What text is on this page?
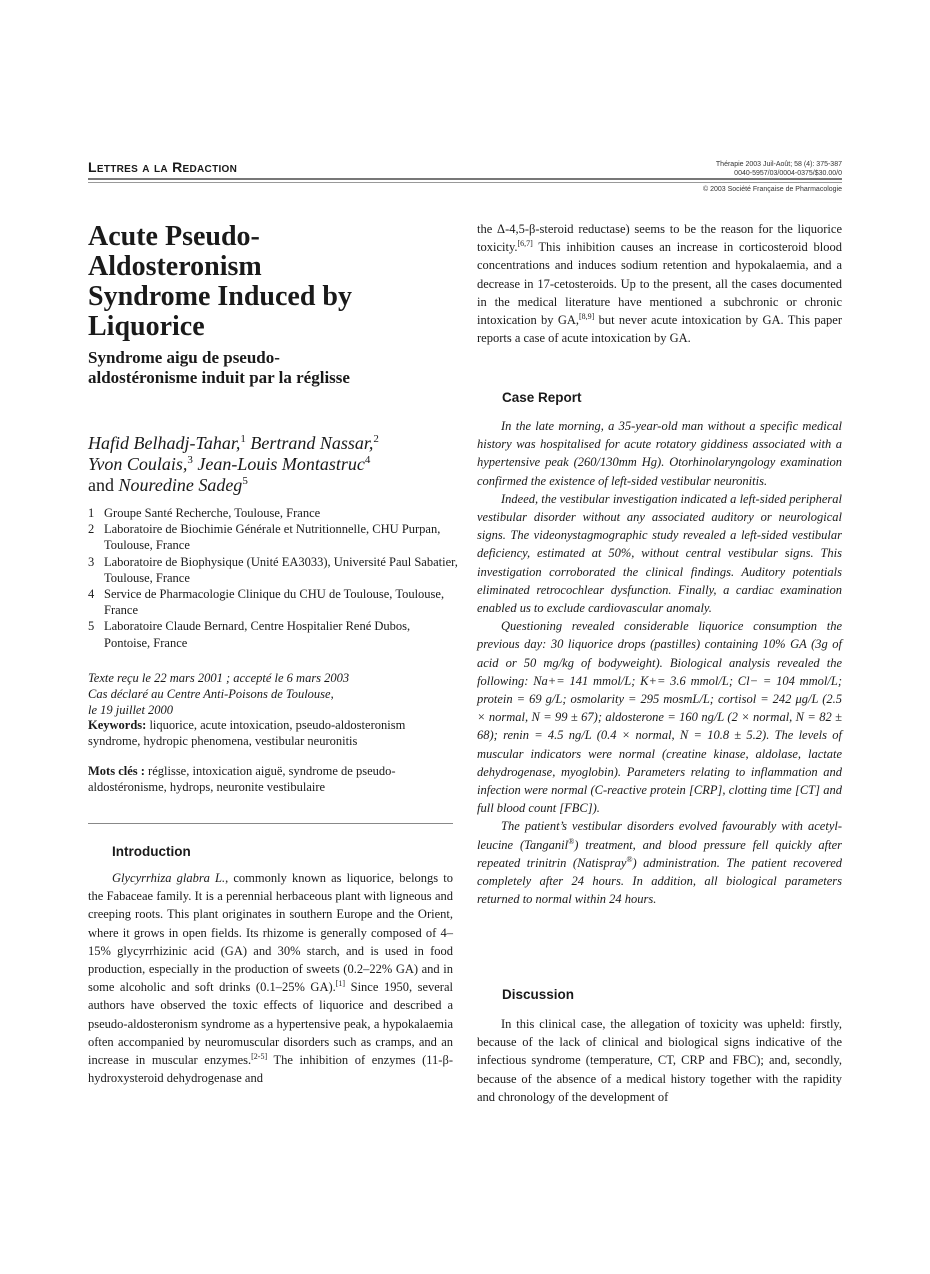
Lettres a la Redaction	Thérapie 2003 Juil-Août; 58 (4): 375-387
0040-5957/03/0004-0375/$30.00/0
© 2003 Société Française de Pharmacologie
Acute Pseudo-Aldosteronism Syndrome Induced by Liquorice
Syndrome aigu de pseudo-aldostéronisme induit par la réglisse
Hafid Belhadj-Tahar,$^1$ Bertrand Nassar,$^2$
Yvon Coulais,$^3$ Jean-Louis Montastruc$^4$
and Nouredine Sadeg$^5$
1 Groupe Santé Recherche, Toulouse, France
2 Laboratoire de Biochimie Générale et Nutritionnelle, CHU Purpan, Toulouse, France
3 Laboratoire de Biophysique (Unité EA3033), Université Paul Sabatier, Toulouse, France
4 Service de Pharmacologie Clinique du CHU de Toulouse, Toulouse, France
5 Laboratoire Claude Bernard, Centre Hospitalier René Dubos, Pontoise, France
Texte reçu le 22 mars 2001 ; accepté le 6 mars 2003
Cas déclaré au Centre Anti-Poisons de Toulouse,
le 19 juillet 2000
Keywords: liquorice, acute intoxication, pseudo-aldosteronism syndrome, hydropic phenomena, vestibular neuronitis
Mots clés : réglisse, intoxication aiguë, syndrome de pseudo-aldostéronisme, hydrops, neuronite vestibulaire
Introduction

Glycyrrhiza glabra L., commonly known as liquorice, belongs to the Fabaceae family. It is a perennial herbaceous plant with ligneous and creeping roots. This plant originates in southern Europe and the Orient, where it grows in open fields. Its rhizome is generally composed of 4–15% glycyrrhizinic acid (GA) and 30% starch, and is used in food production, especially in the production of sweets (0.2–22% GA) and in some alcoholic and soft drinks (0.1–25% GA).[1] Since 1950, several authors have observed the toxic effects of liquorice and described a pseudo-aldosteronism syndrome as a hypertensive peak, a hypokalaemia often accompanied by neuromuscular disorders such as cramps, and an increase in muscular enzymes.[2-5] The inhibition of enzymes (11-β-hydroxysteroid dehydrogenase and

the Δ-4,5-β-steroid reductase) seems to be the reason for the liquorice toxicity.[6,7] This inhibition causes an increase in corticosteroid blood concentrations and induces sodium retention and hypokalaemia, and a decrease in 17-cetosteroids. Up to the present, all the cases documented in the medical literature have mentioned a subchronic or chronic intoxication by GA,[8,9] but never acute intoxication by GA. This paper reports a case of acute intoxication by GA.

Case Report

In the late morning, a 35-year-old man without a specific medical history was hospitalised for acute rotatory giddiness associated with a hypertensive peak (260/130mm Hg). Otorhinolaryngology examination confirmed the existence of left-sided vestibular neuronitis.

Indeed, the vestibular investigation indicated a left-sided peripheral vestibular disorder without any associated auditory or neurological signs. The videonystagmographic study revealed a left-sided vestibular deficiency, estimated at 50%, without central vestibular signs. This investigation corroborated the clinical findings. Auditory potentials eliminated retrocochlear dysfunction. Finally, a cardiac examination enabled us to exclude cardiovascular anomaly.

Questioning revealed considerable liquorice consumption the previous day: 30 liquorice drops (pastilles) containing 10% GA (3g of acid or 50 mg/kg of bodyweight). Biological analysis revealed the following: Na+= 141 mmol/L; K+= 3.6 mmol/L; Cl− = 104 mmol/L; protein = 69 g/L; osmolarity = 295 mosmL/L; cortisol = 242 μg/L (2.5 × normal, N = 99 ± 67); aldosterone = 160 ng/L (2 × normal, N = 82 ± 68); renin = 4.5 ng/L (0.4 × normal, N = 10.8 ± 5.2). The levels of muscular indicators were normal (creatine kinase, aldolase, lactate dehydrogenase, myoglobin). Parameters relating to inflammation and infection were normal (C-reactive protein [CRP], clotting time [CT] and full blood count [FBC]).

The patient’s vestibular disorders evolved favourably with acetyl-leucine (Tanganil®) treatment, and blood pressure fell quickly after repeated trinitrin (Natispray®) administration. The patient recovered completely after 24 hours. In addition, all biological parameters returned to normal within 24 hours.

Discussion

In this clinical case, the allegation of toxicity was upheld: firstly, because of the lack of clinical and biological signs indicative of the infectious syndrome (temperature, CT, CRP and FBC); and, secondly, because of the absence of a medical history together with the rapidity and chronology of the development of
